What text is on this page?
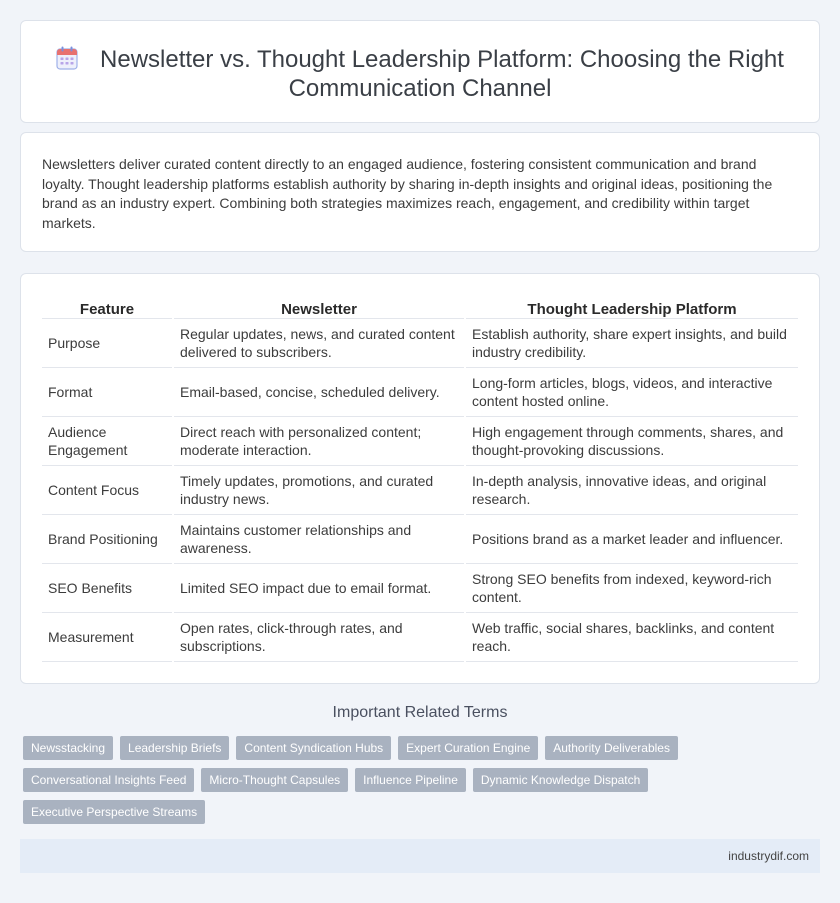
Newsletter vs. Thought Leadership Platform: Choosing the Right Communication Channel

Newsletters deliver curated content directly to an engaged audience, fostering consistent communication and brand loyalty. Thought leadership platforms establish authority by sharing in-depth insights and original ideas, positioning the brand as an industry expert. Combining both strategies maximizes reach, engagement, and credibility within target markets.

Feature	Newsletter	Thought Leadership Platform
Purpose	Regular updates, news, and curated content delivered to subscribers.	Establish authority, share expert insights, and build industry credibility.
Format	Email-based, concise, scheduled delivery.	Long-form articles, blogs, videos, and interactive content hosted online.
Audience Engagement	Direct reach with personalized content; moderate interaction.	High engagement through comments, shares, and thought-provoking discussions.
Content Focus	Timely updates, promotions, and curated industry news.	In-depth analysis, innovative ideas, and original research.
Brand Positioning	Maintains customer relationships and awareness.	Positions brand as a market leader and influencer.
SEO Benefits	Limited SEO impact due to email format.	Strong SEO benefits from indexed, keyword-rich content.
Measurement	Open rates, click-through rates, and subscriptions.	Web traffic, social shares, backlinks, and content reach.
Important Related Terms
Newsstacking	Leadership Briefs	Content Syndication Hubs	Expert Curation Engine	Authority Deliverables
Conversational Insights Feed	Micro-Thought Capsules	Influence Pipeline	Dynamic Knowledge Dispatch
Executive Perspective Streams
industrydif.com
